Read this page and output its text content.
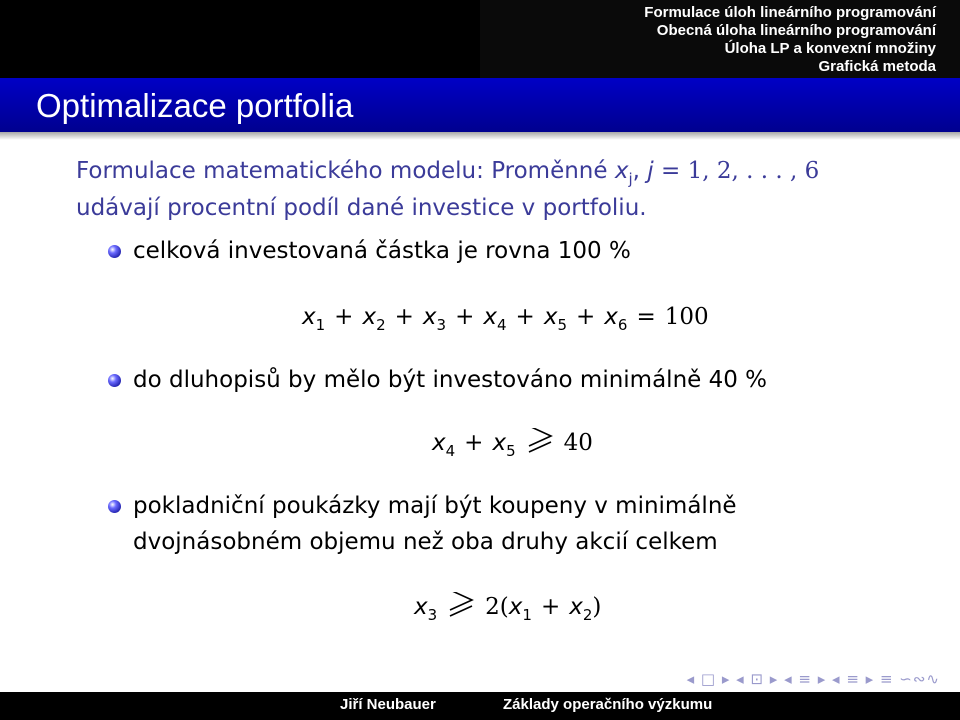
Formulace úloh lineárního programování
Obecná úloha lineárního programování
Úloha LP a konvexní množiny
Grafická metoda
Optimalizace portfolia
Formulace matematického modelu: Proměnné $x_j$, j = 1, 2, . . . , 6
udávají procentní podíl dané investice v portfoliu.
celková investovaná částka je rovna 100 %
$x_1 + x_2 + x_3 + x_4 + x_5 + x_6 = 100$
do dluhopisů by mělo být investováno minimálně 40 %
$x_4 + x_5$ 40
pokladniční poukázky mají být koupeny v minimálně
dvojnásobném objemu než oba druhy akcií celkem
$x_3$ $2(x_1 + x_2)$
◂ □ ▸ ◂ ⊡ ▸ ◂ ≡ ▸ ◂ ≡ ▸ ≡ ∽∾∿
Jiří Neubauer	Základy operačního výzkumu
